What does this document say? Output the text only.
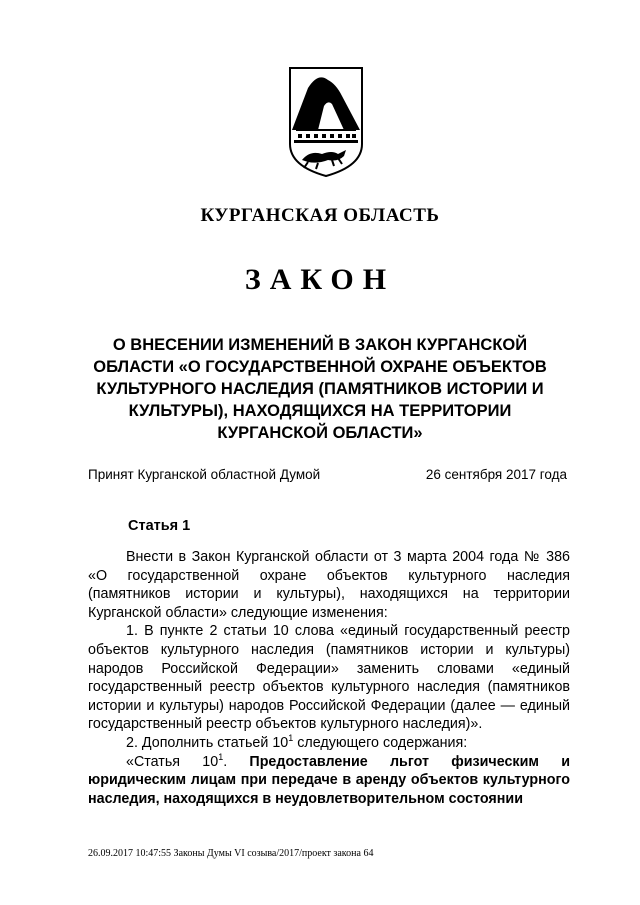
КУРГАНСКАЯ ОБЛАСТЬ
ЗАКОН
О ВНЕСЕНИИ ИЗМЕНЕНИЙ В ЗАКОН КУРГАНСКОЙ ОБЛАСТИ «О ГОСУДАРСТВЕННОЙ ОХРАНЕ ОБЪЕКТОВ КУЛЬТУРНОГО НАСЛЕДИЯ (ПАМЯТНИКОВ ИСТОРИИ И КУЛЬТУРЫ), НАХОДЯЩИХСЯ НА ТЕРРИТОРИИ КУРГАНСКОЙ ОБЛАСТИ»
Принят Курганской областной Думой	26 сентября 2017 года
Статья 1

Внести в Закон Курганской области от 3 марта 2004 года № 386 «О государственной охране объектов культурного наследия (памятников истории и культуры), находящихся на территории Курганской области» следующие изменения:

1. В пункте 2 статьи 10 слова «единый государственный реестр объектов культурного наследия (памятников истории и культуры) народов Российской Федерации» заменить словами «единый государственный реестр объектов культурного наследия (памятников истории и культуры) народов Российской Федерации (далее — единый государственный реестр объектов культурного наследия)».

2. Дополнить статьей $10^1$ следующего содержания:

«Статья $10^1$. Предоставление льгот физическим и юридическим лицам при передаче в аренду объектов культурного наследия, находящихся в неудовлетворительном состоянии

26.09.2017 10:47:55 Законы Думы VI созыва/2017/проект закона 64
